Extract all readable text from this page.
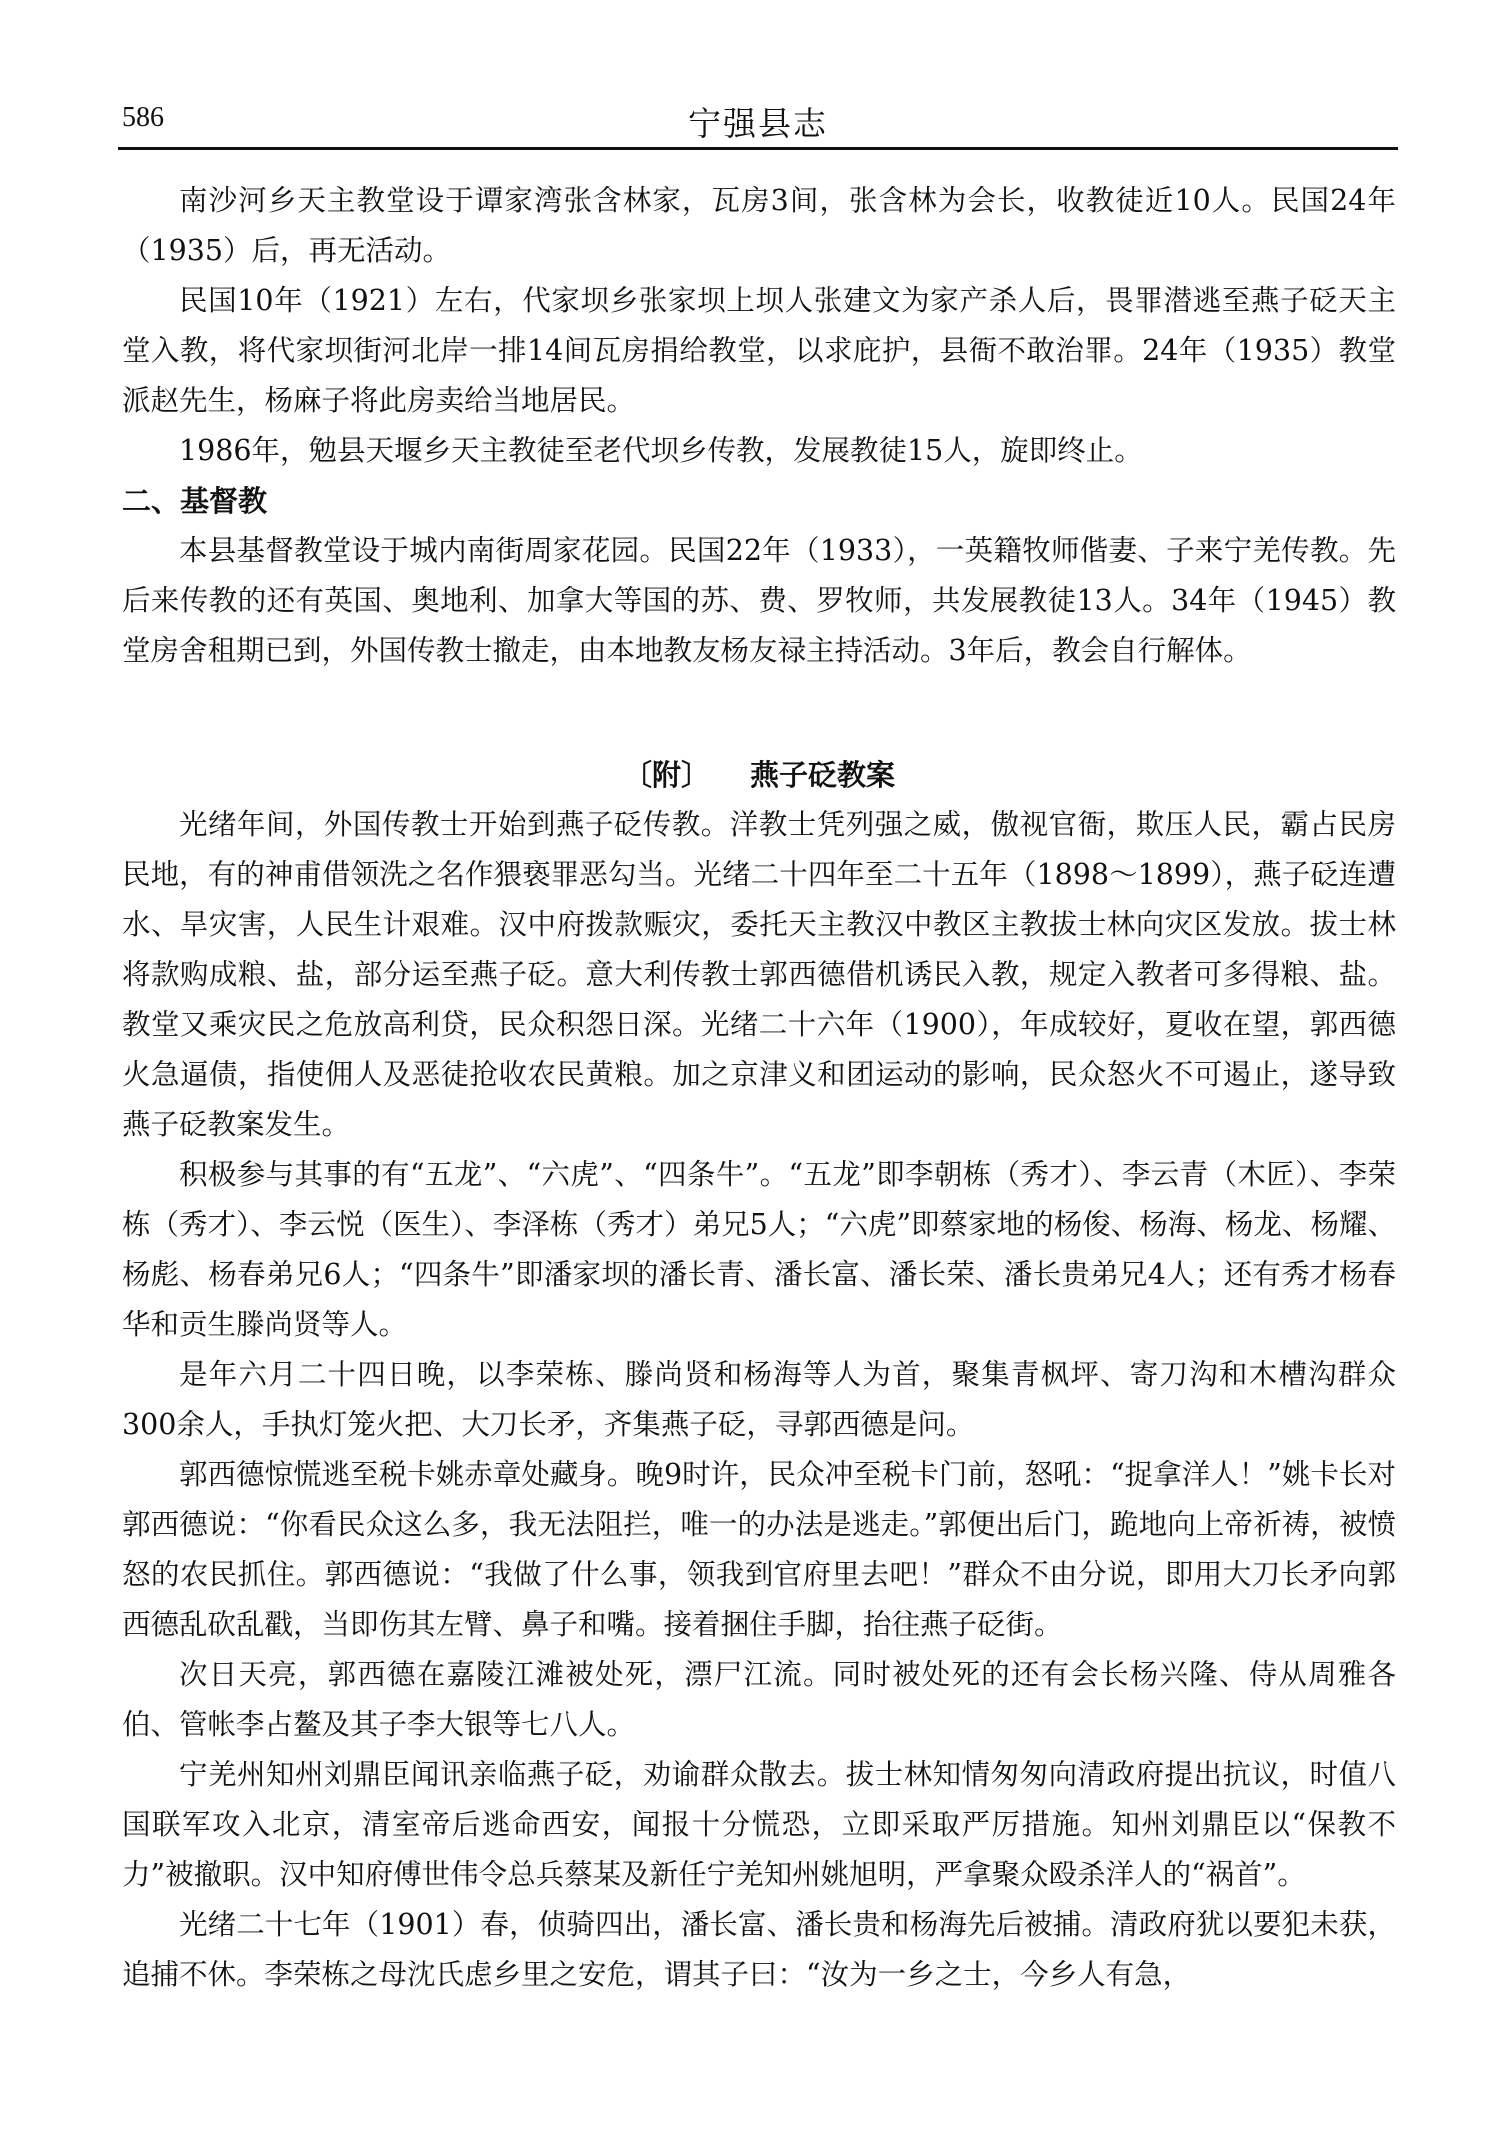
586	宁强县志

南沙河乡天主教堂设于谭家湾张含林家，瓦房3间，张含林为会长，收教徒近10人。民国24年（1935）后，再无活动。

民国10年（1921）左右，代家坝乡张家坝上坝人张建文为家产杀人后，畏罪潜逃至燕子砭天主堂入教，将代家坝街河北岸一排14间瓦房捐给教堂，以求庇护，县衙不敢治罪。24年（1935）教堂派赵先生，杨麻子将此房卖给当地居民。

1986年，勉县天堰乡天主教徒至老代坝乡传教，发展教徒15人，旋即终止。

二、基督教

本县基督教堂设于城内南街周家花园。民国22年（1933），一英籍牧师偕妻、子来宁羌传教。先后来传教的还有英国、奥地利、加拿大等国的苏、费、罗牧师，共发展教徒13人。34年（1945）教堂房舍租期已到，外国传教士撤走，由本地教友杨友禄主持活动。3年后，教会自行解体。

〔附〕 燕子砭教案

光绪年间，外国传教士开始到燕子砭传教。洋教士凭列强之威，傲视官衙，欺压人民，霸占民房民地，有的神甫借领洗之名作猥亵罪恶勾当。光绪二十四年至二十五年（1898～1899），燕子砭连遭水、旱灾害，人民生计艰难。汉中府拨款赈灾，委托天主教汉中教区主教拔士林向灾区发放。拔士林将款购成粮、盐，部分运至燕子砭。意大利传教士郭西德借机诱民入教，规定入教者可多得粮、盐。教堂又乘灾民之危放高利贷，民众积怨日深。光绪二十六年（1900），年成较好，夏收在望，郭西德火急逼债，指使佣人及恶徒抢收农民黄粮。加之京津义和团运动的影响，民众怒火不可遏止，遂导致燕子砭教案发生。

积极参与其事的有“五龙”、“六虎”、“四条牛”。“五龙”即李朝栋（秀才）、李云青（木匠）、李荣栋（秀才）、李云悦（医生）、李泽栋（秀才）弟兄5人；“六虎”即蔡家地的杨俊、杨海、杨龙、杨耀、杨彪、杨春弟兄6人；“四条牛”即潘家坝的潘长青、潘长富、潘长荣、潘长贵弟兄4人；还有秀才杨春华和贡生滕尚贤等人。

是年六月二十四日晚，以李荣栋、滕尚贤和杨海等人为首，聚集青枫坪、寄刀沟和木槽沟群众300余人，手执灯笼火把、大刀长矛，齐集燕子砭，寻郭西德是问。

郭西德惊慌逃至税卡姚赤章处藏身。晚9时许，民众冲至税卡门前，怒吼：“捉拿洋人！”姚卡长对郭西德说：“你看民众这么多，我无法阻拦，唯一的办法是逃走。”郭便出后门，跪地向上帝祈祷，被愤怒的农民抓住。郭西德说：“我做了什么事，领我到官府里去吧！”群众不由分说，即用大刀长矛向郭西德乱砍乱戳，当即伤其左臂、鼻子和嘴。接着捆住手脚，抬往燕子砭街。

次日天亮，郭西德在嘉陵江滩被处死，漂尸江流。同时被处死的还有会长杨兴隆、侍从周雅各伯、管帐李占鳌及其子李大银等七八人。

宁羌州知州刘鼎臣闻讯亲临燕子砭，劝谕群众散去。拔士林知情匆匆向清政府提出抗议，时值八国联军攻入北京，清室帝后逃命西安，闻报十分慌恐，立即采取严厉措施。知州刘鼎臣以“保教不力”被撤职。汉中知府傅世伟令总兵蔡某及新任宁羌知州姚旭明，严拿聚众殴杀洋人的“祸首”。

光绪二十七年（1901）春，侦骑四出，潘长富、潘长贵和杨海先后被捕。清政府犹以要犯未获，追捕不休。李荣栋之母沈氏虑乡里之安危，谓其子曰：“汝为一乡之士，今乡人有急，
